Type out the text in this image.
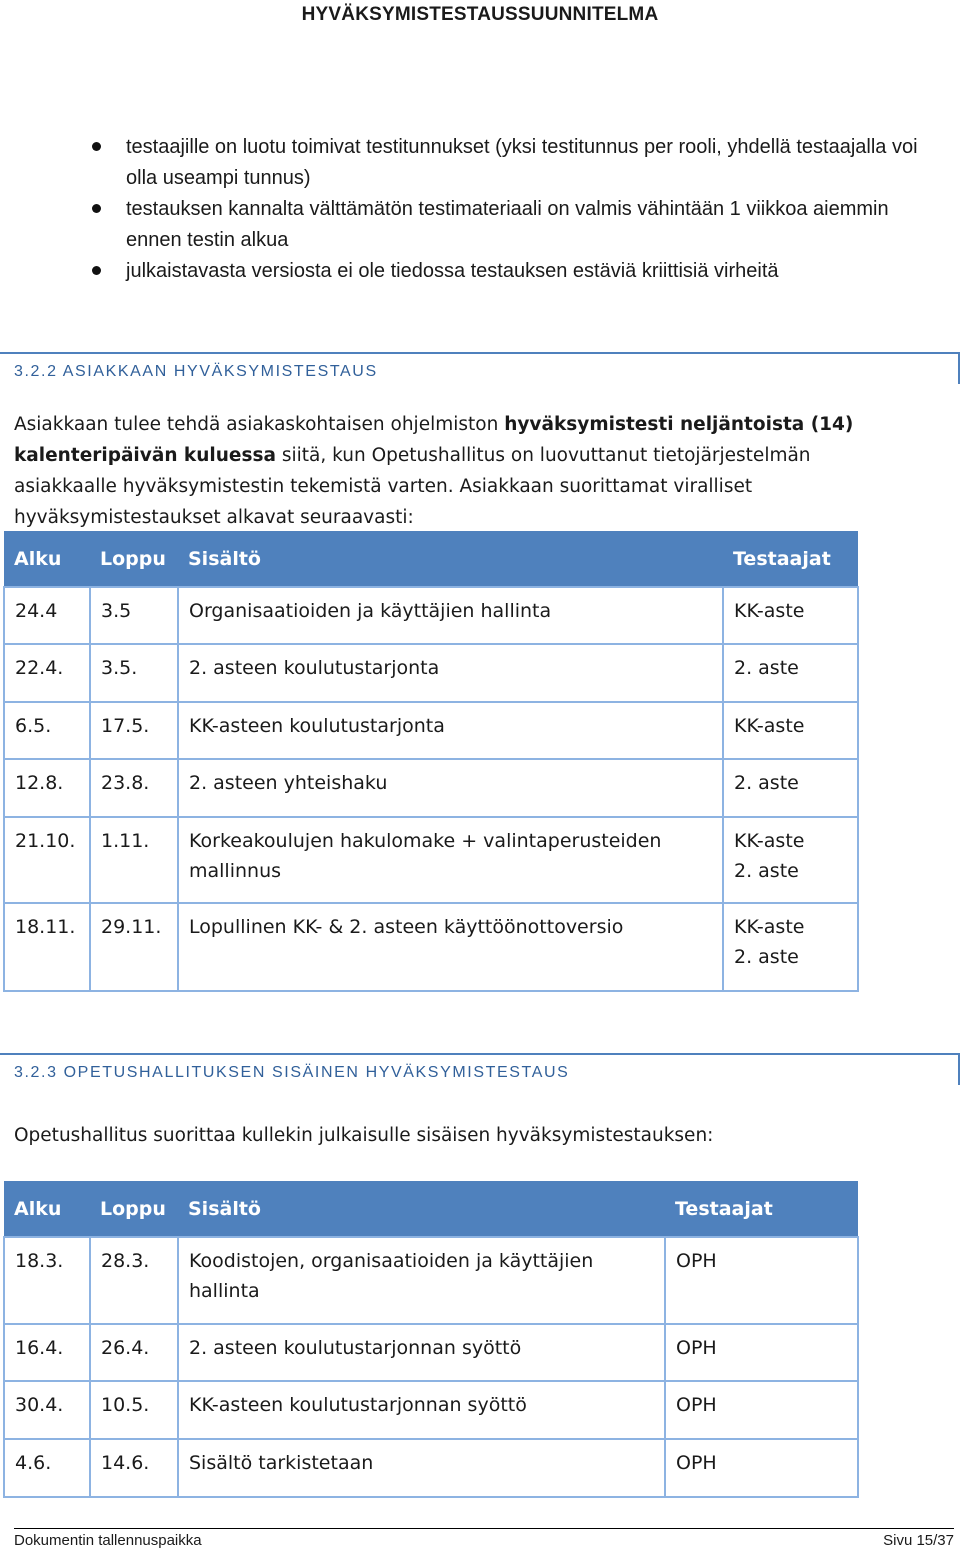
HYVÄKSYMISTESTAUSSUUNNITELMA
testaajille on luotu toimivat testitunnukset (yksi testitunnus per rooli, yhdellä testaajalla voi olla useampi tunnus)
testauksen kannalta välttämätön testimateriaali on valmis vähintään 1 viikkoa aiemmin ennen testin alkua
julkaistavasta versiosta ei ole tiedossa testauksen estäviä kriittisiä virheitä
3.2.2 ASIAKKAAN HYVÄKSYMISTESTAUS

Asiakkaan tulee tehdä asiakaskohtaisen ohjelmiston hyväksymistesti neljäntoista (14) kalenteripäivän kuluessa siitä, kun Opetushallitus on luovuttanut tietojärjestelmän asiakkaalle hyväksymistestin tekemistä varten. Asiakkaan suorittamat viralliset hyväksymistestaukset alkavat seuraavasti:

Alku	Loppu	Sisältö	Testaajat
24.4	3.5	Organisaatioiden ja käyttäjien hallinta	KK-aste
22.4.	3.5.	2. asteen koulutustarjonta	2. aste
6.5.	17.5.	KK-asteen koulutustarjonta	KK-aste
12.8.	23.8.	2. asteen yhteishaku	2. aste
21.10.	1.11.	Korkeakoulujen hakulomake + valintaperusteiden mallinnus	KK-aste
2. aste
18.11.	29.11.	Lopullinen KK- & 2. asteen käyttöönottoversio	KK-aste
2. aste
3.2.3 OPETUSHALLITUKSEN SISÄINEN HYVÄKSYMISTESTAUS

Opetushallitus suorittaa kullekin julkaisulle sisäisen hyväksymistestauksen:

Alku	Loppu	Sisältö	Testaajat
18.3.	28.3.	Koodistojen, organisaatioiden ja käyttäjien hallinta	OPH
16.4.	26.4.	2. asteen koulutustarjonnan syöttö	OPH
30.4.	10.5.	KK-asteen koulutustarjonnan syöttö	OPH
4.6.	14.6.	Sisältö tarkistetaan	OPH
Dokumentin tallennuspaikka	Sivu 15/37
